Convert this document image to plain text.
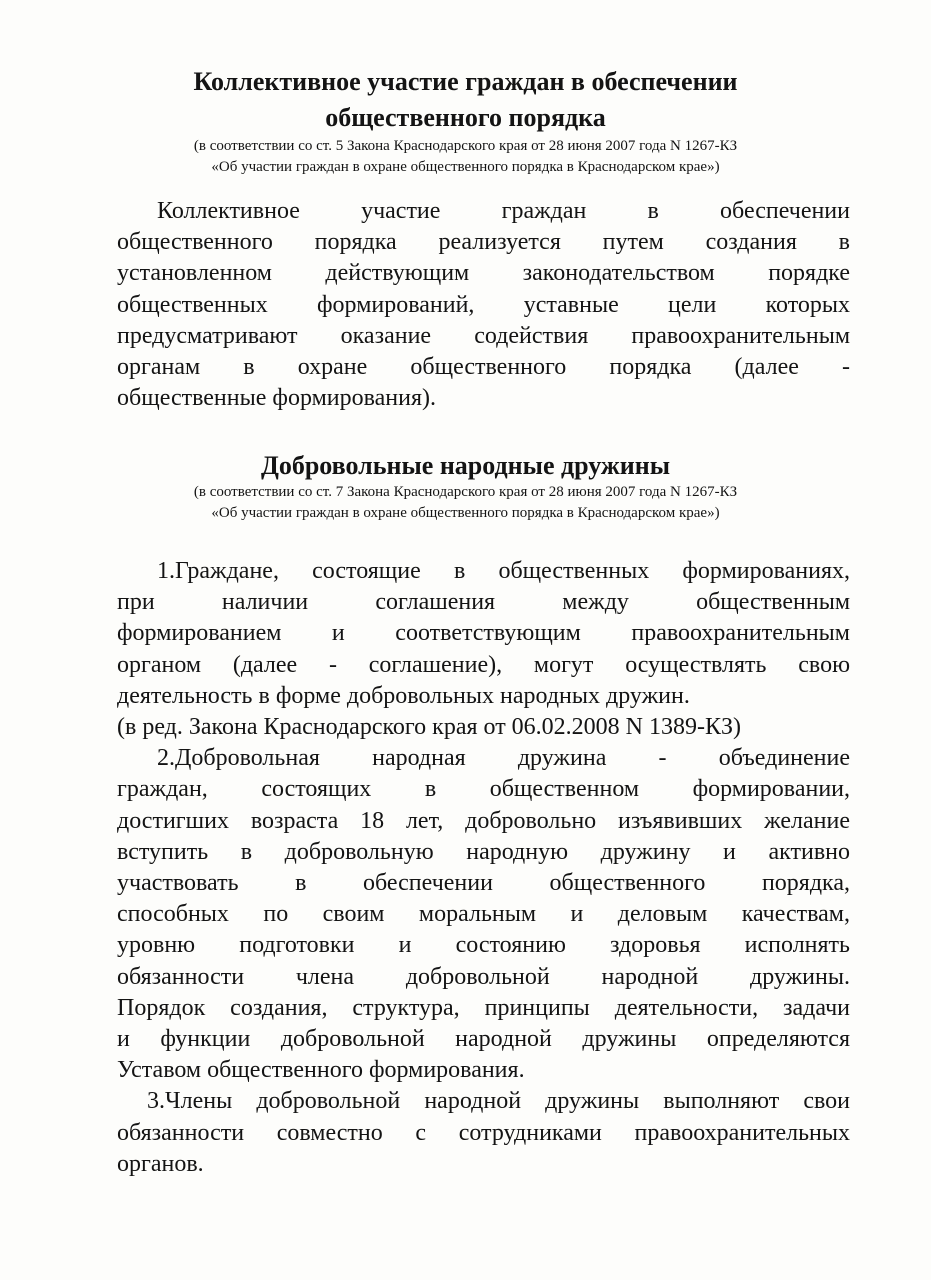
Коллективное участие граждан в обеспечении
общественного порядка

(в соответствии со ст. 5 Закона Краснодарского края от 28 июня 2007 года N 1267-КЗ
«Об участии граждан в охране общественного порядка в Краснодарском крае»)

Коллективное участие граждан в обеспечении
общественного порядка реализуется путем создания в
установленном действующим законодательством порядке
общественных формирований, уставные цели которых
предусматривают оказание содействия правоохранительным
органам в охране общественного порядка (далее -
общественные формирования).
Добровольные народные дружины

(в соответствии со ст. 7 Закона Краснодарского края от 28 июня 2007 года N 1267-КЗ
«Об участии граждан в охране общественного порядка в Краснодарском крае»)

1.Граждане, состоящие в общественных формированиях,
при наличии соглашения между общественным
формированием и соответствующим правоохранительным
органом (далее - соглашение), могут осуществлять свою
деятельность в форме добровольных народных дружин.
(в ред. Закона Краснодарского края от 06.02.2008 N 1389-КЗ)
2.Добровольная народная дружина - объединение
граждан, состоящих в общественном формировании,
достигших возраста 18 лет, добровольно изъявивших желание
вступить в добровольную народную дружину и активно
участвовать в обеспечении общественного порядка,
способных по своим моральным и деловым качествам,
уровню подготовки и состоянию здоровья исполнять
обязанности члена добровольной народной дружины.
Порядок создания, структура, принципы деятельности, задачи
и функции добровольной народной дружины определяются
Уставом общественного формирования.
3.Члены добровольной народной дружины выполняют свои
обязанности совместно с сотрудниками правоохранительных
органов.
